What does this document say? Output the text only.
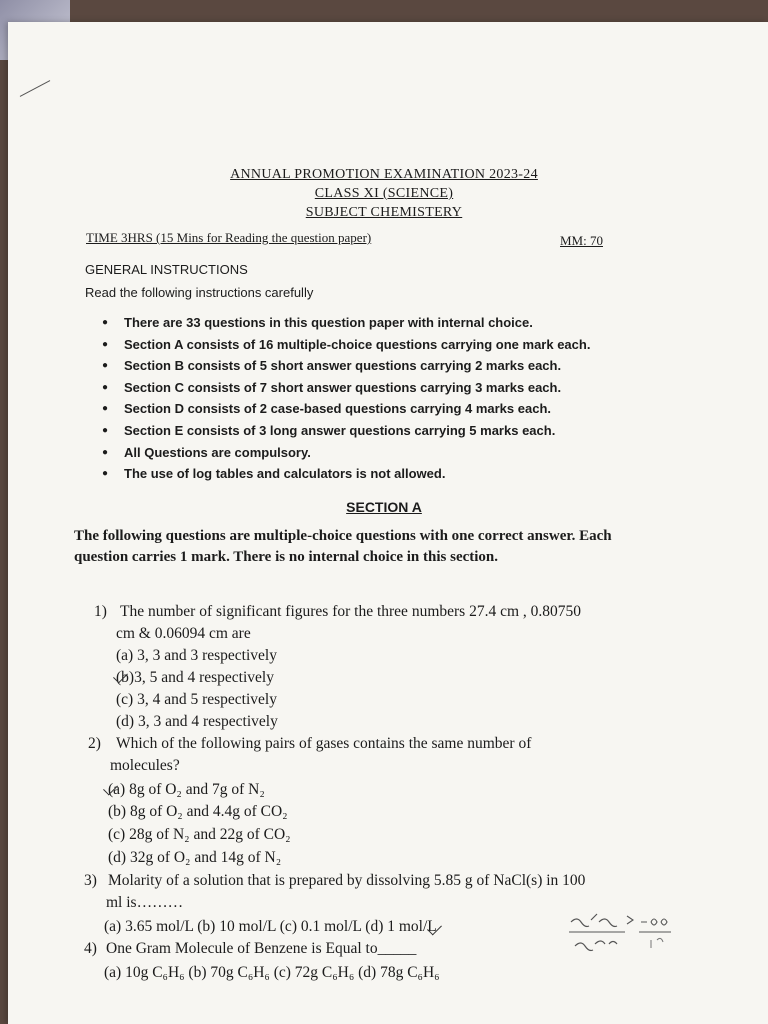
ANNUAL PROMOTION EXAMINATION 2023-24
CLASS XI (SCIENCE)
SUBJECT CHEMISTERY
TIME 3HRS (15 Mins for Reading the question paper)	MM: 70
GENERAL INSTRUCTIONS
Read the following instructions carefully
● There are 33 questions in this question paper with internal choice.
● Section A consists of 16 multiple-choice questions carrying one mark each.
● Section B consists of 5 short answer questions carrying 2 marks each.
● Section C consists of 7 short answer questions carrying 3 marks each.
● Section D consists of 2 case-based questions carrying 4 marks each.
● Section E consists of 3 long answer questions carrying 5 marks each.
● All Questions are compulsory.
● The use of log tables and calculators is not allowed.
SECTION A
The following questions are multiple-choice questions with one correct answer. Each question carries 1 mark. There is no internal choice in this section.
1) The number of significant figures for the three numbers 27.4 cm , 0.80750
cm & 0.06094 cm are
(a) 3, 3 and 3 respectively
(b)3, 5 and 4 respectively
(c) 3, 4 and 5 respectively
(d) 3, 3 and 4 respectively
2) Which of the following pairs of gases contains the same number of
molecules?
(a) 8g of O₂ and 7g of N₂
(b) 8g of O₂ and 4.4g of CO₂
(c) 28g of N₂ and 22g of CO₂
(d) 32g of O₂ and 14g of N₂
3) Molarity of a solution that is prepared by dissolving 5.85 g of NaCl(s) in 100
ml is………
(a) 3.65 mol/L (b) 10 mol/L (c) 0.1 mol/L (d) 1 mol/L
4) One Gram Molecule of Benzene is Equal to_____
(a) 10g C₆H₆ (b) 70g C₆H₆ (c) 72g C₆H₆ (d) 78g C₆H₆
